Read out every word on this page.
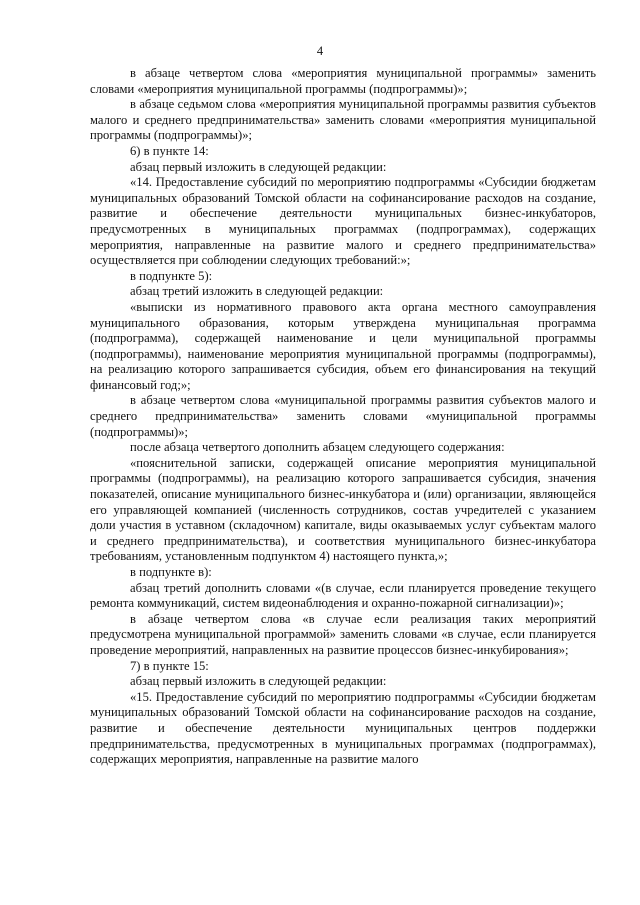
4

в абзаце четвертом слова «мероприятия муниципальной программы» заменить словами «мероприятия муниципальной программы (подпрограммы)»;

в абзаце седьмом слова «мероприятия муниципальной программы развития субъектов малого и среднего предпринимательства» заменить словами «мероприятия муниципальной программы (подпрограммы)»;

6) в пункте 14:

абзац первый изложить в следующей редакции:

«14. Предоставление субсидий по мероприятию подпрограммы «Субсидии бюджетам муниципальных образований Томской области на софинансирование расходов на создание, развитие и обеспечение деятельности муниципальных бизнес-инкубаторов, предусмотренных в муниципальных программах (подпрограммах), содержащих мероприятия, направленные на развитие малого и среднего предпринимательства» осуществляется при соблюдении следующих требований:»;

в подпункте 5):

абзац третий изложить в следующей редакции:

«выписки из нормативного правового акта органа местного самоуправления муниципального образования, которым утверждена муниципальная программа (подпрограмма), содержащей наименование и цели муниципальной программы (подпрограммы), наименование мероприятия муниципальной программы (подпрограммы), на реализацию которого запрашивается субсидия, объем его финансирования на текущий финансовый год;»;

в абзаце четвертом слова «муниципальной программы развития субъектов малого и среднего предпринимательства» заменить словами «муниципальной программы (подпрограммы)»;

после абзаца четвертого дополнить абзацем следующего содержания:

«пояснительной записки, содержащей описание мероприятия муниципальной программы (подпрограммы), на реализацию которого запрашивается субсидия, значения показателей, описание муниципального бизнес-инкубатора и (или) организации, являющейся его управляющей компанией (численность сотрудников, состав учредителей с указанием доли участия в уставном (складочном) капитале, виды оказываемых услуг субъектам малого и среднего предпринимательства), и соответствия муниципального бизнес-инкубатора требованиям, установленным подпунктом 4) настоящего пункта,»;

в подпункте в):

абзац третий дополнить словами «(в случае, если планируется проведение текущего ремонта коммуникаций, систем видеонаблюдения и охранно-пожарной сигнализации)»;

в абзаце четвертом слова «в случае если реализация таких мероприятий предусмотрена муниципальной программой» заменить словами «в случае, если планируется проведение мероприятий, направленных на развитие процессов бизнес-инкубирования»;

7) в пункте 15:

абзац первый изложить в следующей редакции:

«15. Предоставление субсидий по мероприятию подпрограммы «Субсидии бюджетам муниципальных образований Томской области на софинансирование расходов на создание, развитие и обеспечение деятельности муниципальных центров поддержки предпринимательства, предусмотренных в муниципальных программах (подпрограммах), содержащих мероприятия, направленные на развитие малого
